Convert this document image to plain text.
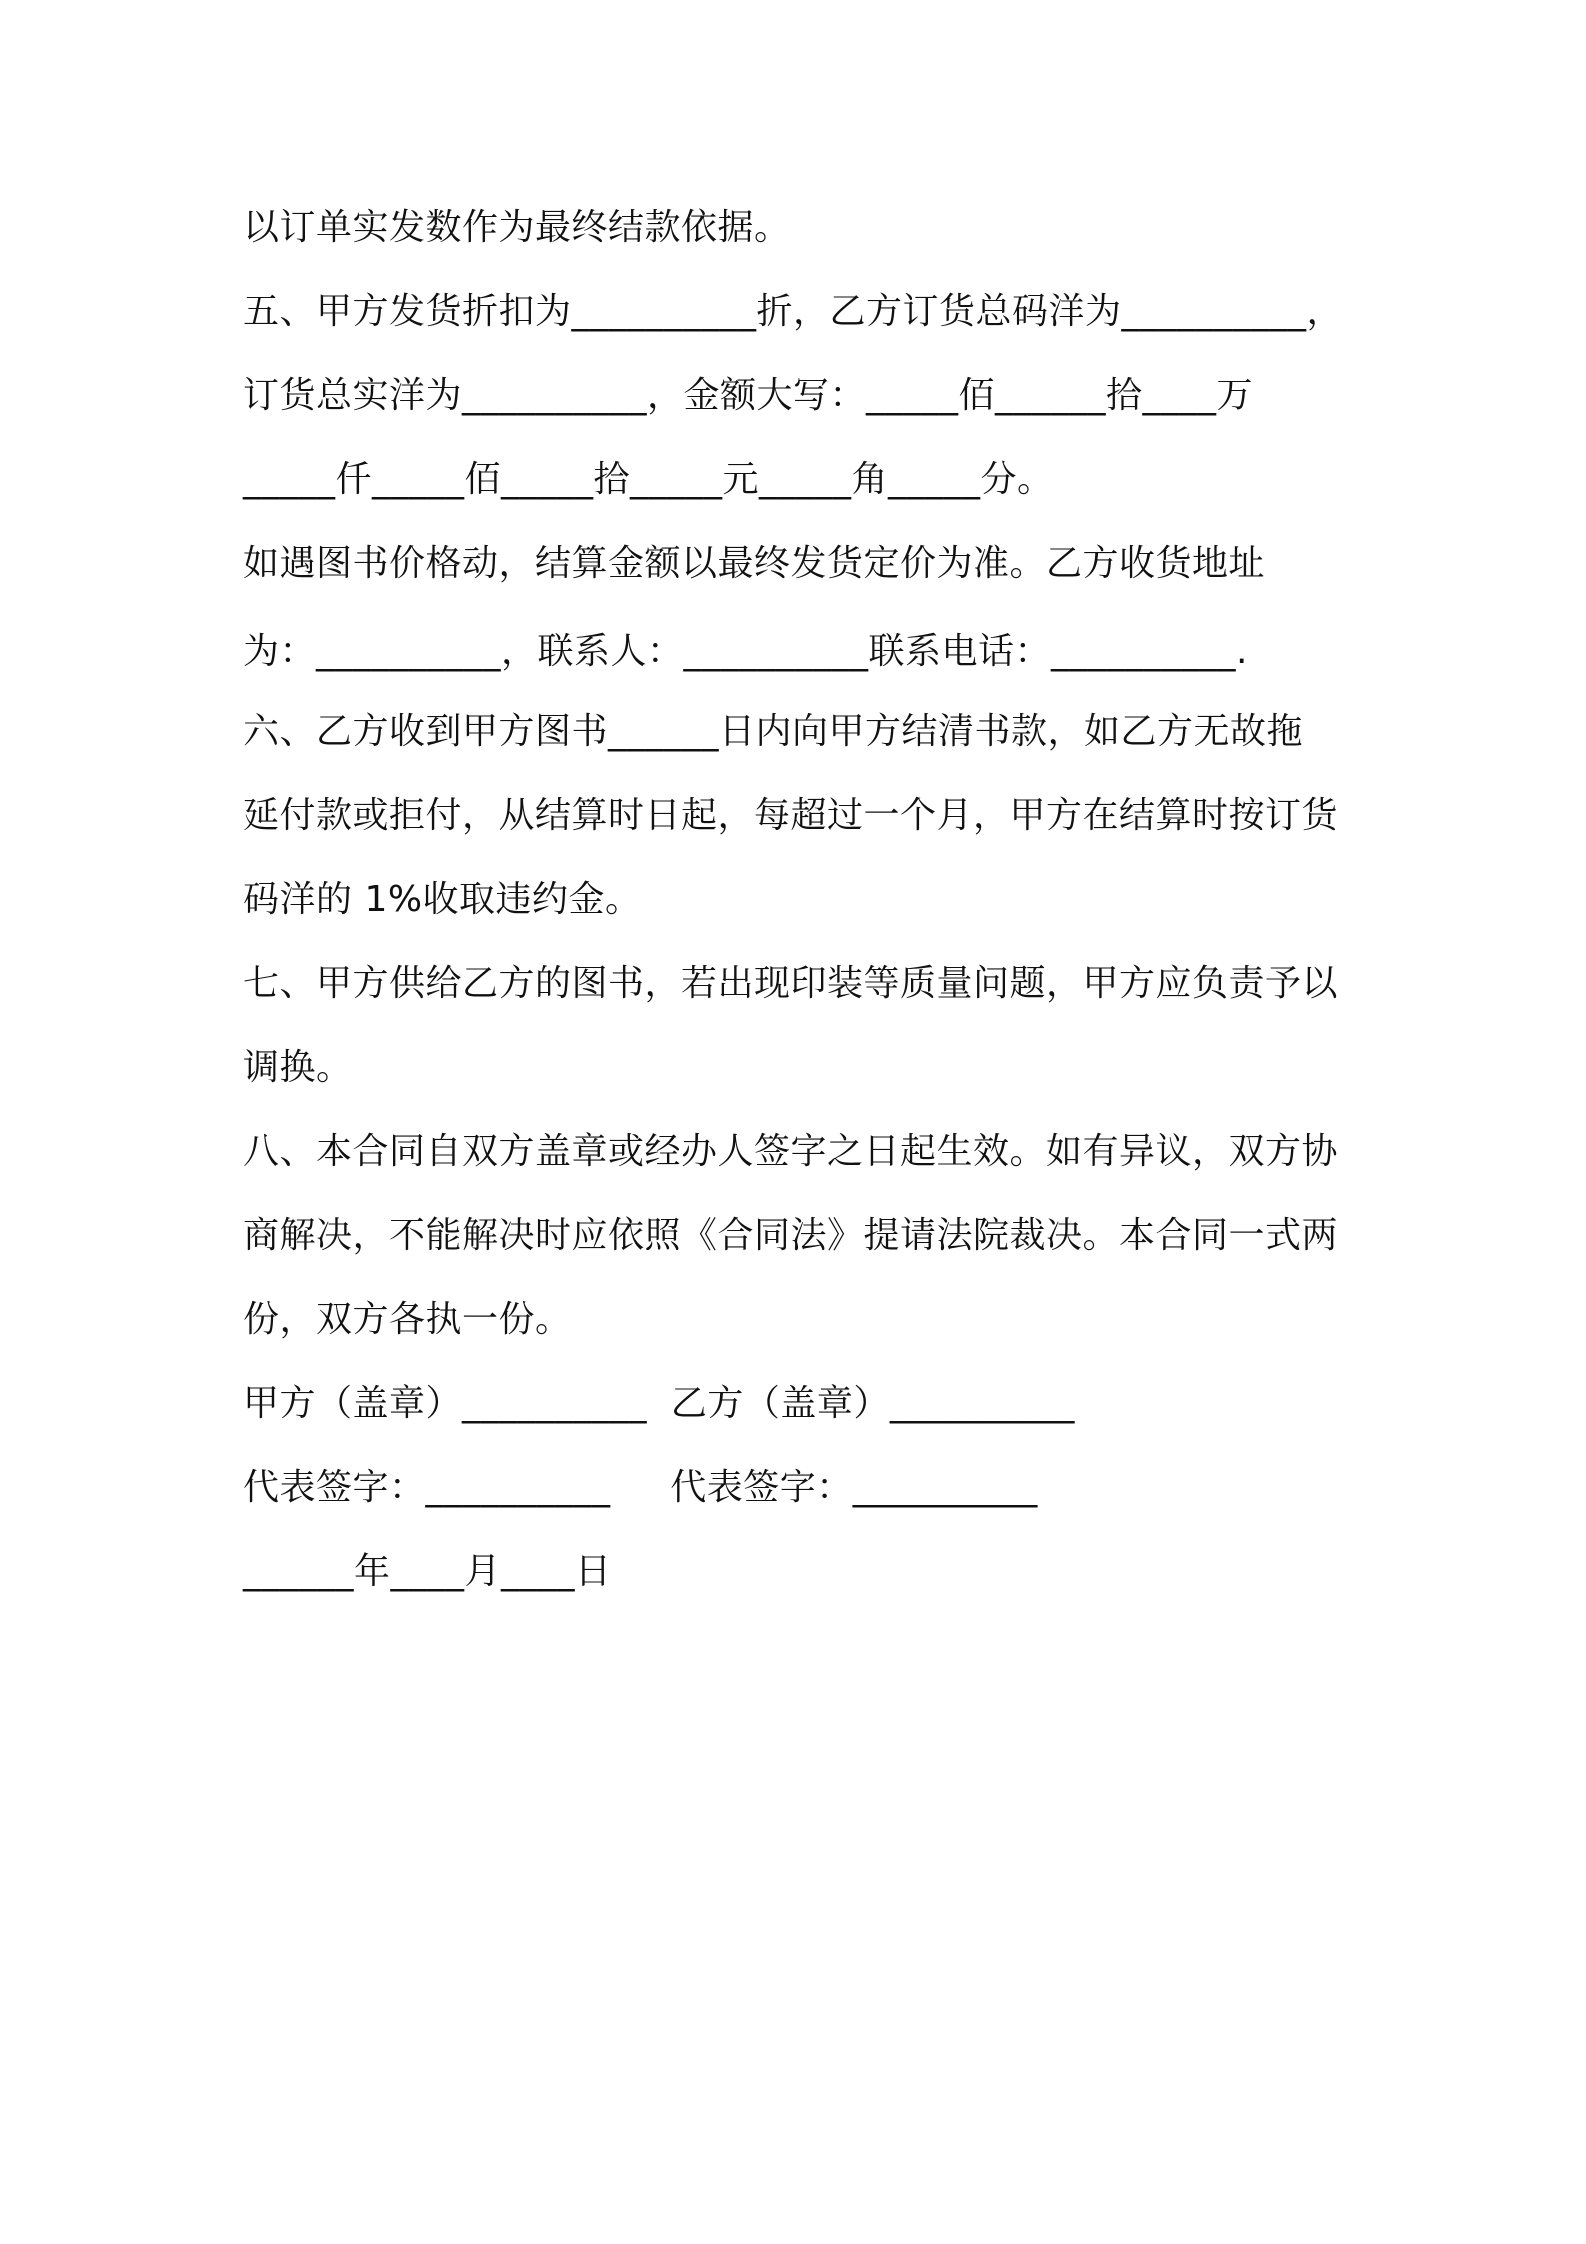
以订单实发数作为最终结款依据。
五、甲方发货折扣为__________折，乙方订货总码洋为__________，
订货总实洋为__________，金额大写：_____佰______拾____万
_____仟_____佰_____拾_____元_____角_____分。
如遇图书价格动，结算金额以最终发货定价为准。乙方收货地址
为：__________，联系人：__________联系电话：__________.
六、乙方收到甲方图书______日内向甲方结清书款，如乙方无故拖
延付款或拒付，从结算时日起，每超过一个月，甲方在结算时按订货
码洋的 1%收取违约金。
七、甲方供给乙方的图书，若出现印装等质量问题，甲方应负责予以
调换。
八、本合同自双方盖章或经办人签字之日起生效。如有异议，双方协
商解决，不能解决时应依照《合同法》提请法院裁决。本合同一式两
份，双方各执一份。
甲方（盖章）__________  乙方（盖章）__________
代表签字：__________     代表签字：__________
______年____月____日
